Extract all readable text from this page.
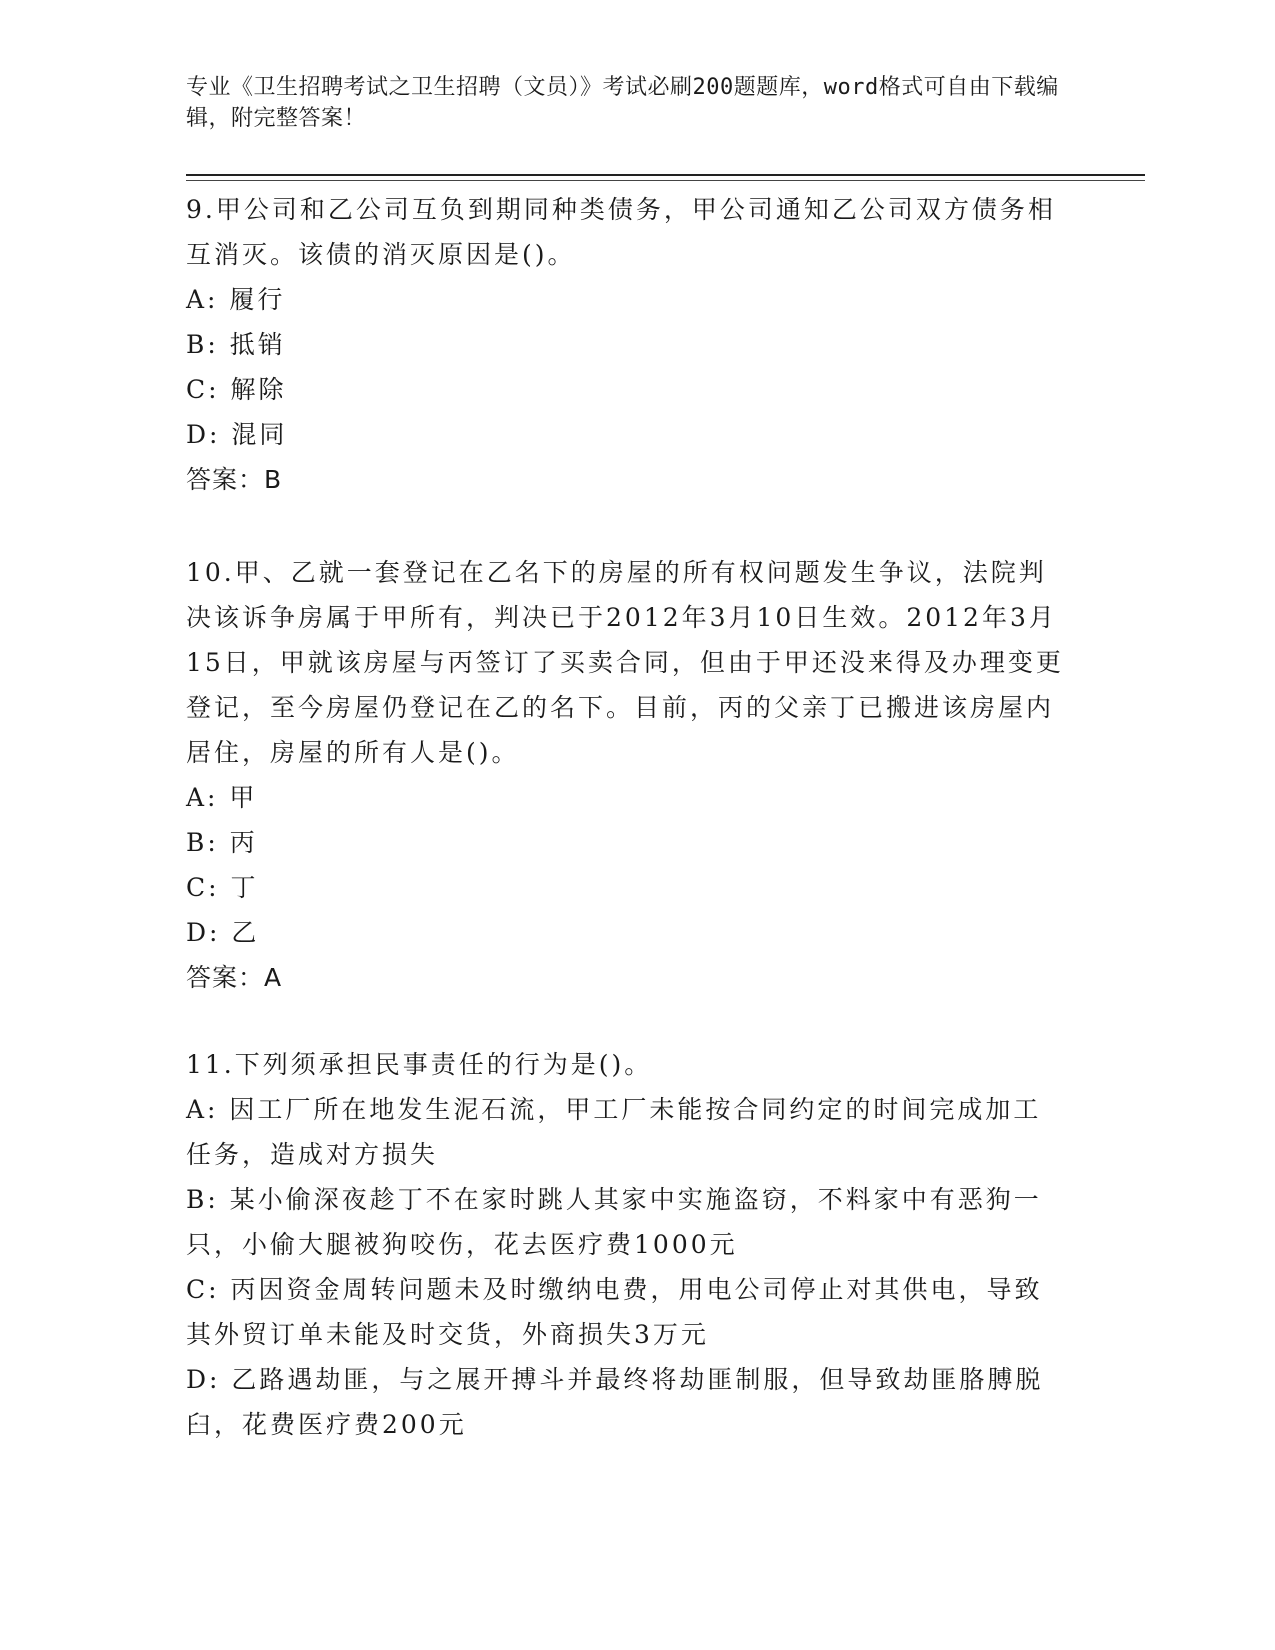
专业《卫生招聘考试之卫生招聘（文员）》考试必刷200题题库，word格式可自由下载编辑，附完整答案！

9.甲公司和乙公司互负到期同种类债务，甲公司通知乙公司双方债务相互消灭。该债的消灭原因是()。

A: 履行

B: 抵销

C: 解除

D: 混同

答案：B

10.甲、乙就一套登记在乙名下的房屋的所有权问题发生争议，法院判决该诉争房属于甲所有，判决已于2012年3月10日生效。2012年3月15日，甲就该房屋与丙签订了买卖合同，但由于甲还没来得及办理变更登记，至今房屋仍登记在乙的名下。目前，丙的父亲丁已搬进该房屋内居住，房屋的所有人是()。

A: 甲

B: 丙

C: 丁

D: 乙

答案：A

11.下列须承担民事责任的行为是()。

A: 因工厂所在地发生泥石流，甲工厂未能按合同约定的时间完成加工任务，造成对方损失

B: 某小偷深夜趁丁不在家时跳人其家中实施盗窃，不料家中有恶狗一只，小偷大腿被狗咬伤，花去医疗费1000元

C: 丙因资金周转问题未及时缴纳电费，用电公司停止对其供电，导致其外贸订单未能及时交货，外商损失3万元

D: 乙路遇劫匪，与之展开搏斗并最终将劫匪制服，但导致劫匪胳膊脱臼，花费医疗费200元
